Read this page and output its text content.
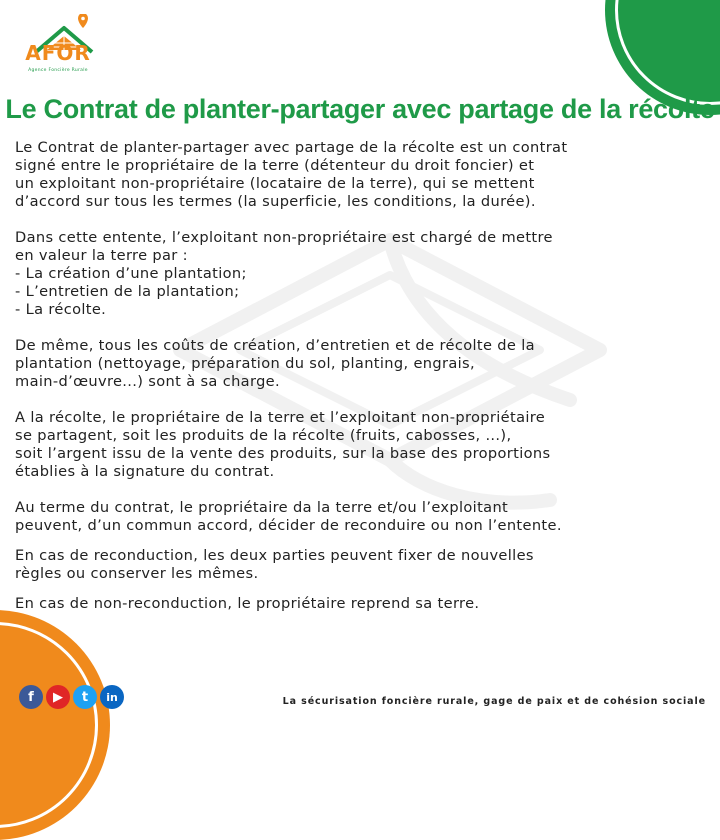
AFOR
Agence Foncière Rurale
Le Contrat de planter-partager avec partage de la récolte
Le Contrat de planter-partager avec partage de la récolte est un contrat
signé entre le propriétaire de la terre (détenteur du droit foncier) et
un exploitant non-propriétaire (locataire de la terre), qui se mettent
d’accord sur tous les termes (la superficie, les conditions, la durée).
Dans cette entente, l’exploitant non-propriétaire est chargé de mettre
en valeur la terre par :
- La création d’une plantation;
- L’entretien de la plantation;
- La récolte.
De même, tous les coûts de création, d’entretien et de récolte de la
plantation (nettoyage, préparation du sol, planting, engrais,
main-d’œuvre...) sont à sa charge.
A la récolte, le propriétaire de la terre et l’exploitant non-propriétaire
se partagent, soit les produits de la récolte (fruits, cabosses, ...),
soit l’argent issu de la vente des produits, sur la base des proportions
établies à la signature du contrat.
Au terme du contrat, le propriétaire da la terre et/ou l’exploitant
peuvent, d’un commun accord, décider de reconduire ou non l’entente.
En cas de reconduction, les deux parties peuvent fixer de nouvelles
règles ou conserver les mêmes.
En cas de non-reconduction, le propriétaire reprend sa terre.
f	▶	t	in	La sécurisation foncière rurale, gage de paix et de cohésion sociale
